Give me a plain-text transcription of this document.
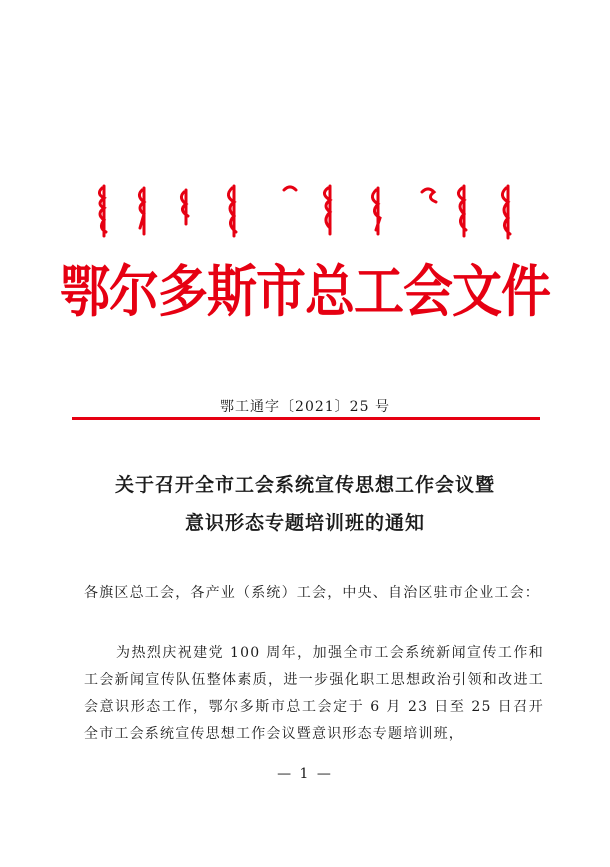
鄂尔多斯市总工会文件
鄂工通字〔2021〕25 号
关于召开全市工会系统宣传思想工作会议暨
意识形态专题培训班的通知
各旗区总工会，各产业（系统）工会，中央、自治区驻市企业工会：
为热烈庆祝建党 100 周年，加强全市工会系统新闻宣传工作和工会新闻宣传队伍整体素质，进一步强化职工思想政治引领和改进工会意识形态工作，鄂尔多斯市总工会定于 6 月 23 日至 25 日召开全市工会系统宣传思想工作会议暨意识形态专题培训班，
— 1 —
